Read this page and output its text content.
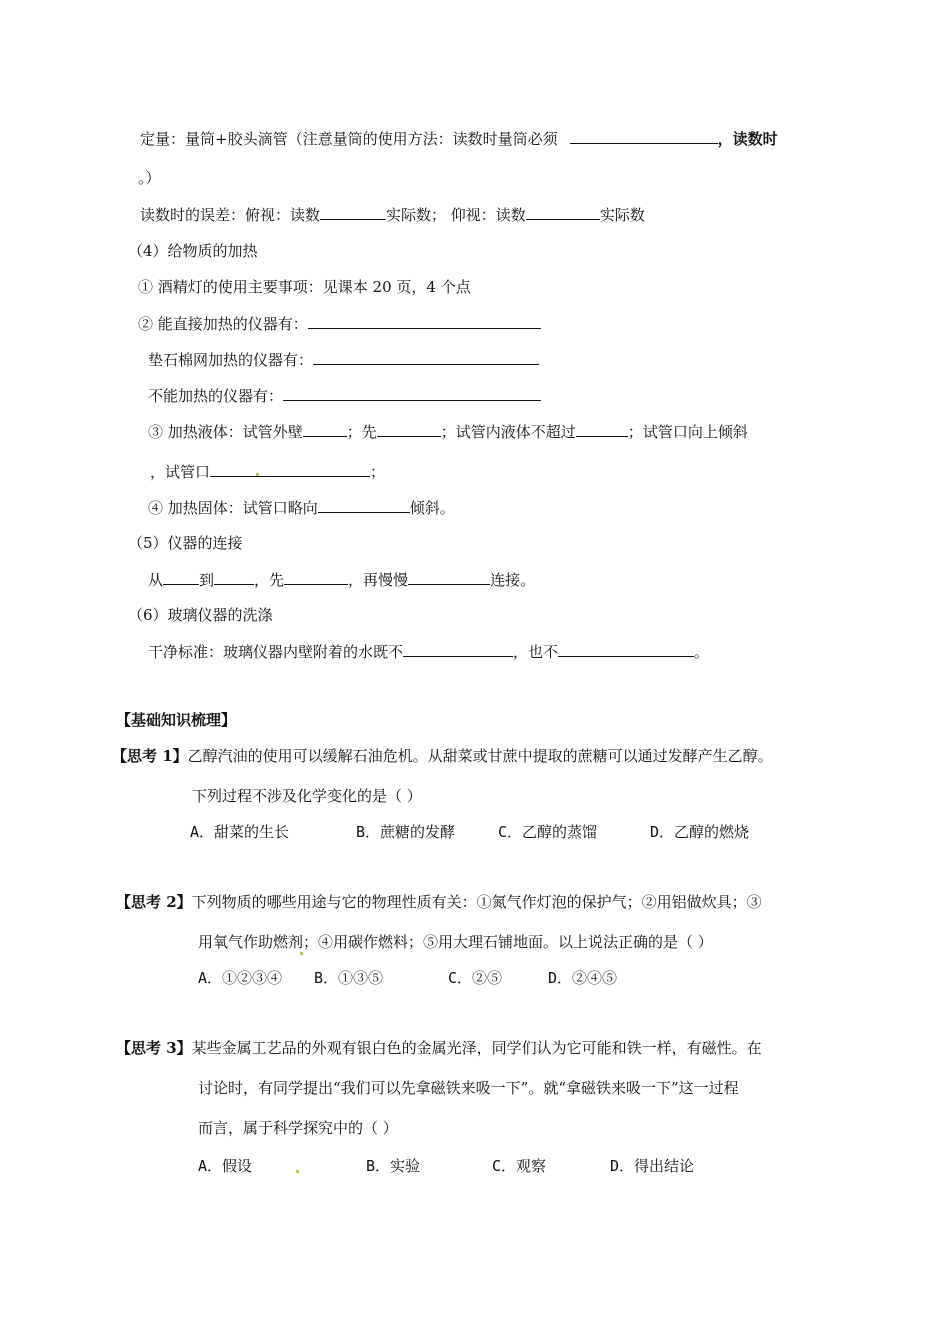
定量：量筒+胶头滴管（注意量筒的使用方法：读数时量筒必须	，读数时
。）
读数时的误差：俯视：读数	实际数； 仰视：读数	实际数
（4）给物质的加热
① 酒精灯的使用主要事项：见课本 20 页，4 个点
② 能直接加热的仪器有：
垫石棉网加热的仪器有：
不能加热的仪器有：
③ 加热液体：试管外壁	；先	；试管内液体不超过	；试管口向上倾斜
，试管口	；
④ 加热固体：试管口略向	倾斜。
（5）仪器的连接
从 到	，先	，再慢慢	连接。
（6）玻璃仪器的洗涤
干净标准：玻璃仪器内壁附着的水既不	，也不	。
【基础知识梳理】
【思考 1】乙醇汽油的使用可以缓解石油危机。从甜菜或甘蔗中提取的蔗糖可以通过发酵产生乙醇。
下列过程不涉及化学变化的是（ ）
A．甜菜的生长	B．蔗糖的发酵	C．乙醇的蒸馏	D．乙醇的燃烧
【思考 2】下列物质的哪些用途与它的物理性质有关：①氮气作灯泡的保护气；②用铝做炊具；③
用氧气作助燃剂；④用碳作燃料；⑤用大理石铺地面。以上说法正确的是（ ）
A．①②③④ B．①③⑤	C．②⑤	D．②④⑤
【思考 3】某些金属工艺品的外观有银白色的金属光泽，同学们认为它可能和铁一样，有磁性。在
讨论时，有同学提出“我们可以先拿磁铁来吸一下”。就“拿磁铁来吸一下”这一过程
而言，属于科学探究中的（ ）
A．假设	B．实验	C．观察	D．得出结论
